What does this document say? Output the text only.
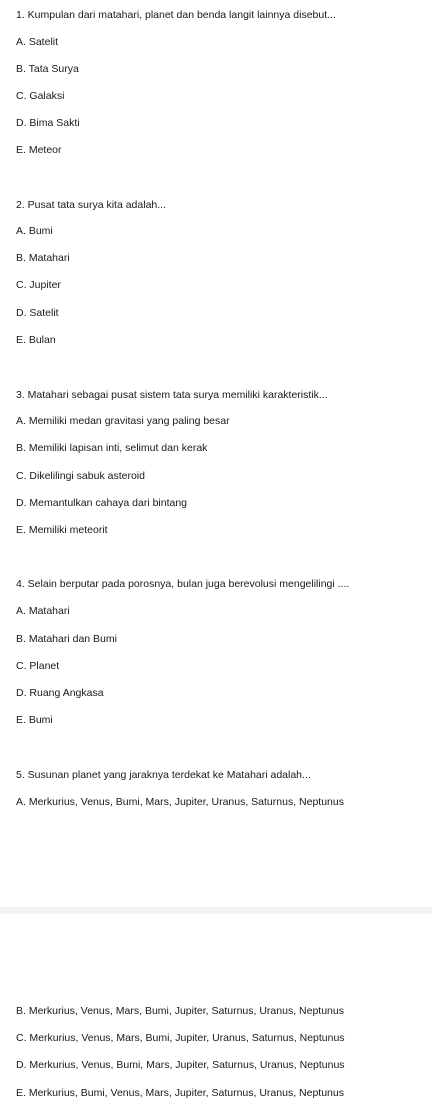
1. Kumpulan dari matahari, planet dan benda langit lainnya disebut...
A. Satelit
B. Tata Surya
C. Galaksi
D. Bima Sakti
E. Meteor
2. Pusat tata surya kita adalah...
A. Bumi
B. Matahari
C. Jupiter
D. Satelit
E. Bulan
3. Matahari sebagai pusat sistem tata surya memiliki karakteristik...
A. Memiliki medan gravitasi yang paling besar
B. Memiliki lapisan inti, selimut dan kerak
C. Dikelilingi sabuk asteroid
D. Memantulkan cahaya dari bintang
E. Memiliki meteorit
4. Selain berputar pada porosnya, bulan juga berevolusi mengelilingi ....
A. Matahari
B. Matahari dan Bumi
C. Planet
D. Ruang Angkasa
E. Bumi
5. Susunan planet yang jaraknya terdekat ke Matahari adalah...
A. Merkurius, Venus, Bumi, Mars, Jupiter, Uranus, Saturnus, Neptunus
B. Merkurius, Venus, Mars, Bumi, Jupiter, Saturnus, Uranus, Neptunus
C. Merkurius, Venus, Mars, Bumi, Jupiter, Uranus, Saturnus, Neptunus
D. Merkurius, Venus, Bumi, Mars, Jupiter, Saturnus, Uranus, Neptunus
E. Merkurius, Bumi, Venus, Mars, Jupiter, Saturnus, Uranus, Neptunus
